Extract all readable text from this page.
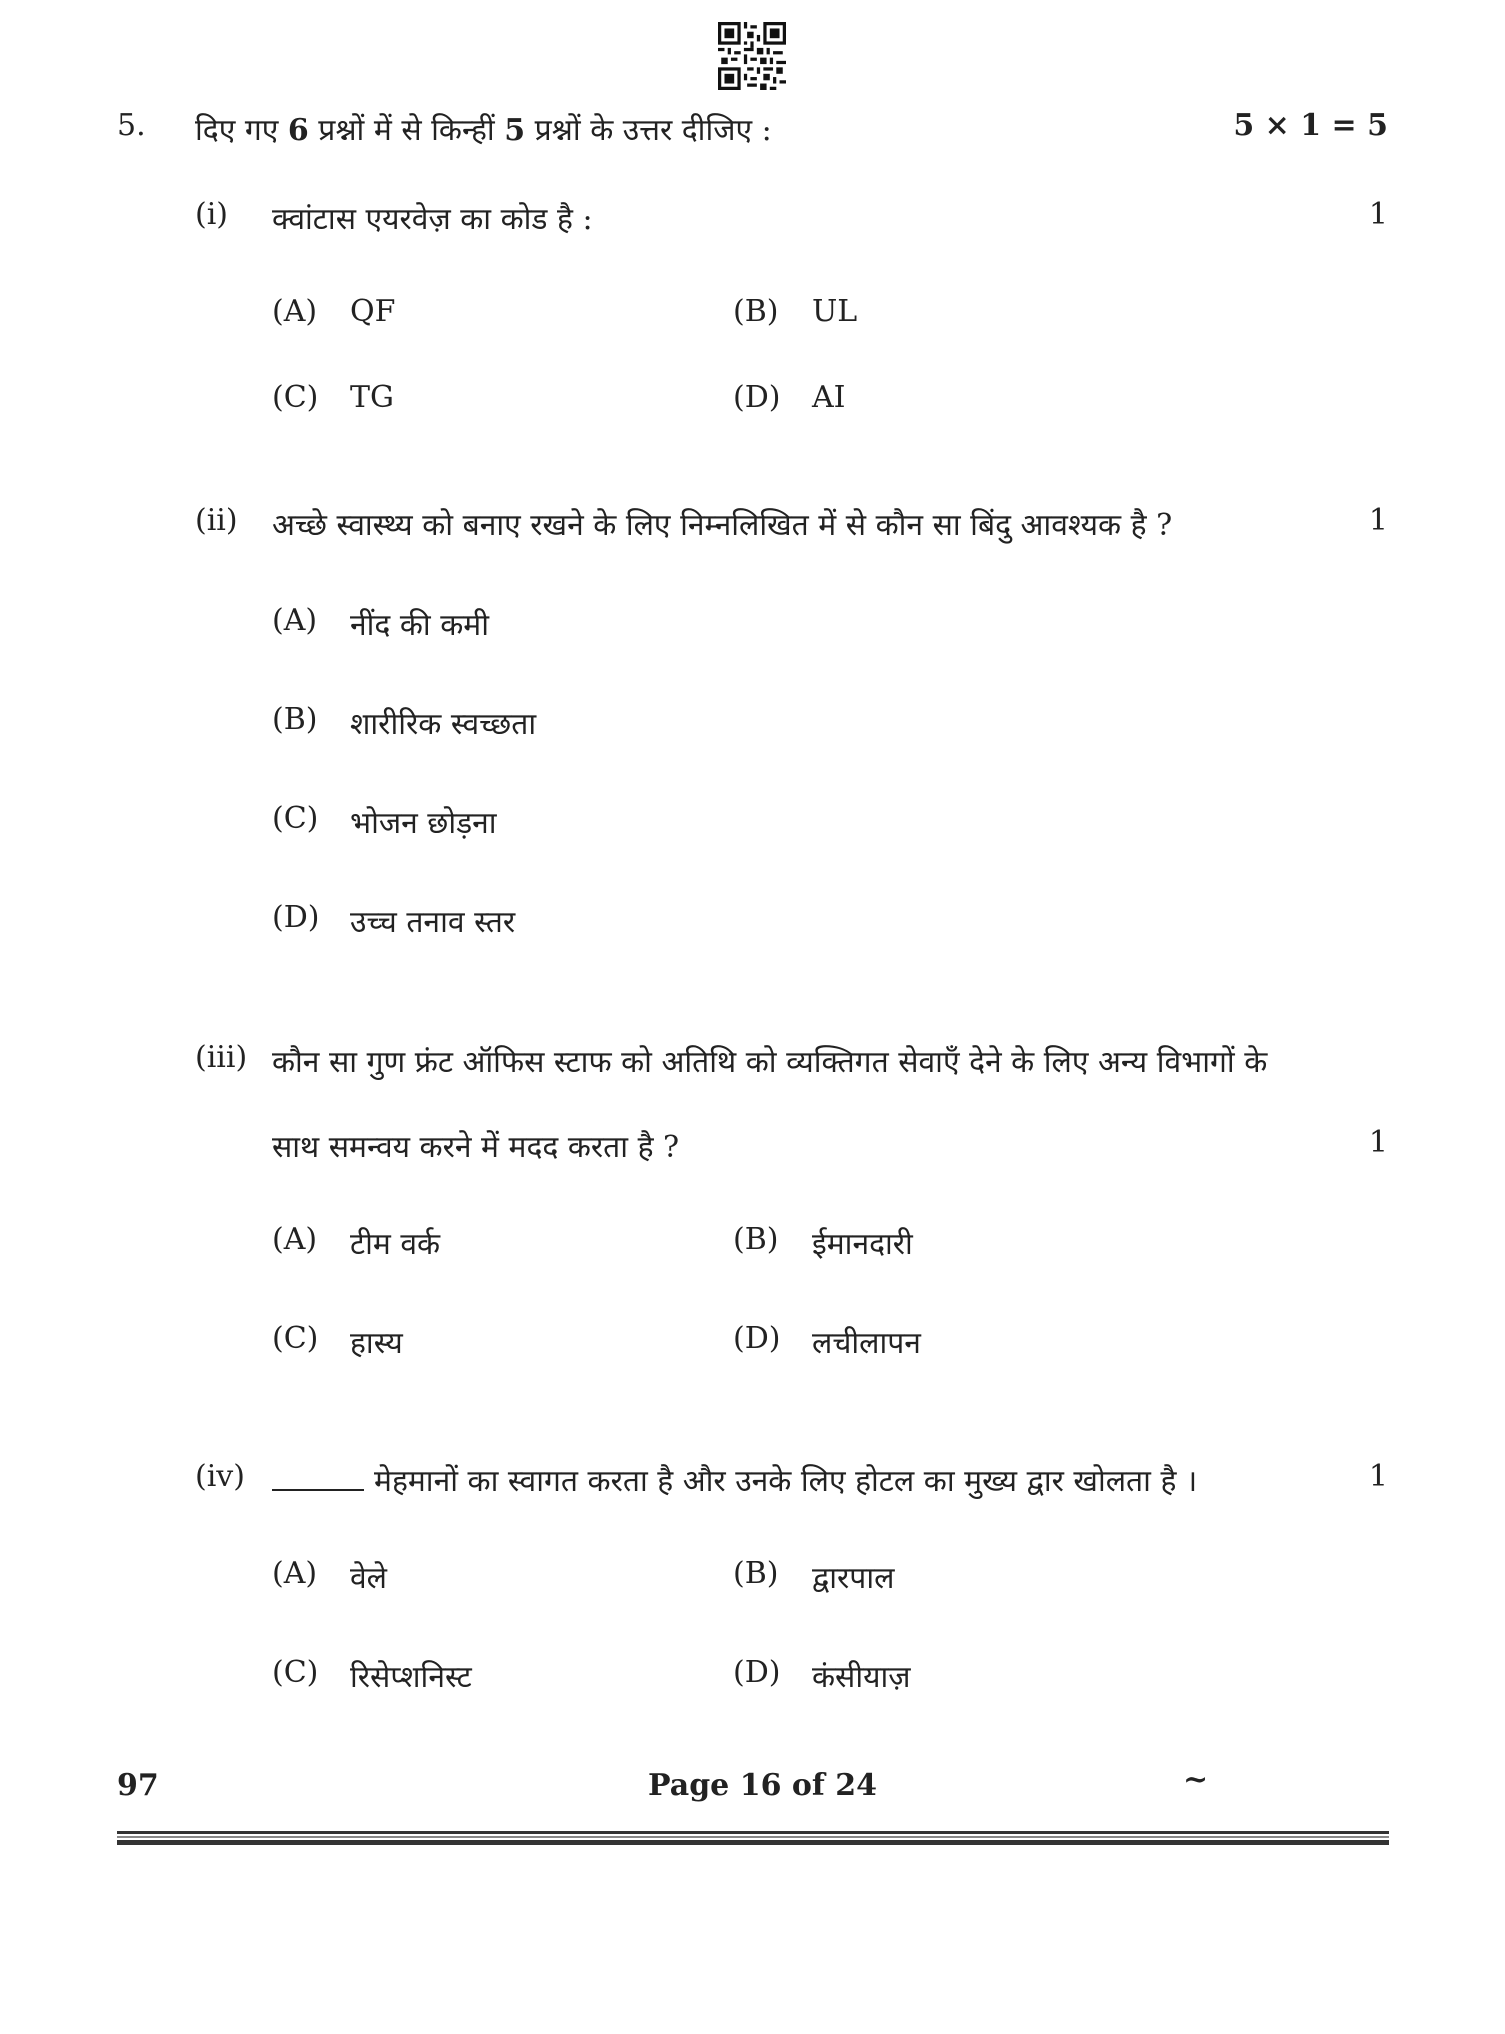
5. दिए गए 6 प्रश्नों में से किन्हीं 5 प्रश्नों के उत्तर दीजिए :	5 × 1 = 5
(i) क्वांटास एयरवेज़ का कोड है :	1
(A) QF	(B) UL
(C) TG	(D) AI
(ii) अच्छे स्वास्थ्य को बनाए रखने के लिए निम्नलिखित में से कौन सा बिंदु आवश्यक है ?	1
(A) नींद की कमी
(B) शारीरिक स्वच्छता
(C) भोजन छोड़ना
(D) उच्च तनाव स्तर
(iii) कौन सा गुण फ्रंट ऑफिस स्टाफ को अतिथि को व्यक्तिगत सेवाएँ देने के लिए अन्य विभागों के
साथ समन्वय करने में मदद करता है ?	1
(A) टीम वर्क	(B) ईमानदारी
(C) हास्य	(D) लचीलापन
(iv)	मेहमानों का स्वागत करता है और उनके लिए होटल का मुख्य द्वार खोलता है ।	1
(A) वेले	(B) द्वारपाल
(C) रिसेप्शनिस्ट	(D) कंसीयाज़
97	Page 16 of 24	~
